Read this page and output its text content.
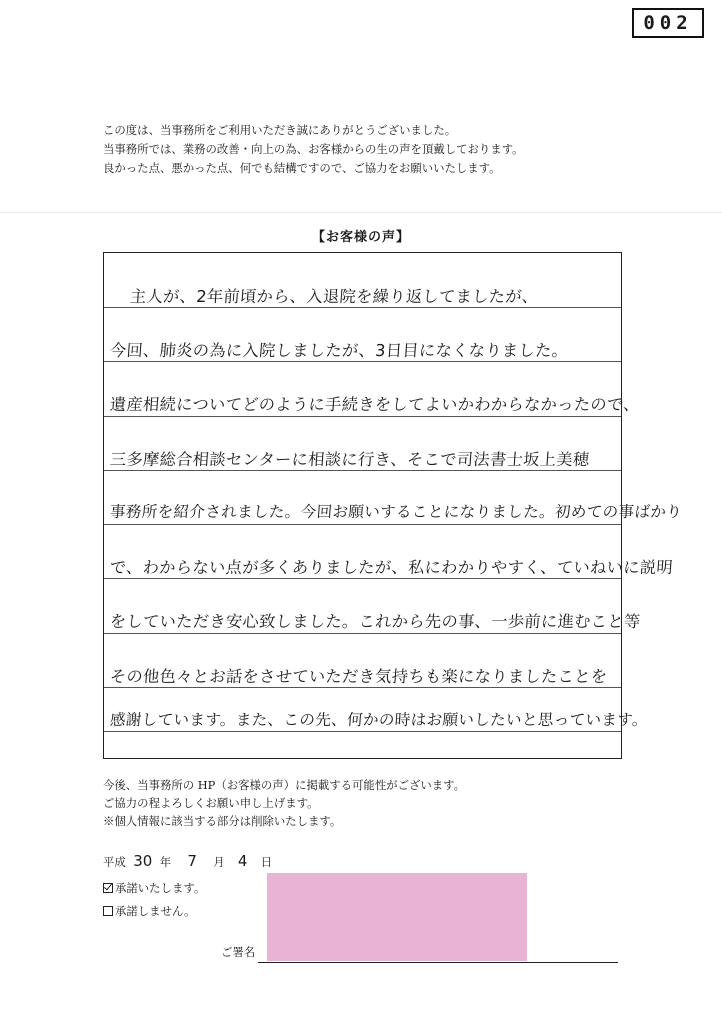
002
この度は、当事務所をご利用いただき誠にありがとうございました。
当事務所では、業務の改善・向上の為、お客様からの生の声を頂戴しております。
良かった点、悪かった点、何でも結構ですので、ご協力をお願いいたします。
【お客様の声】
主人が、2年前頃から、入退院を繰り返してましたが、
今回、肺炎の為に入院しましたが、3日目になくなりました。
遺産相続についてどのように手続きをしてよいかわからなかったので、
三多摩総合相談センターに相談に行き、そこで司法書士坂上美穂
事務所を紹介されました。今回お願いすることになりました。初めての事ばかり
で、わからない点が多くありましたが、私にわかりやすく、ていねいに説明
をしていただき安心致しました。これから先の事、一歩前に進むこと等
その他色々とお話をさせていただき気持ちも楽になりましたことを
感謝しています。また、この先、何かの時はお願いしたいと思っています。
今後、当事務所の HP（お客様の声）に掲載する可能性がございます。
ご協力の程よろしくお願い申し上げます。
※個人情報に該当する部分は削除いたします。
平成 30 年	7	月 4	日
承諾いたします。
承諾しません。
ご署名
